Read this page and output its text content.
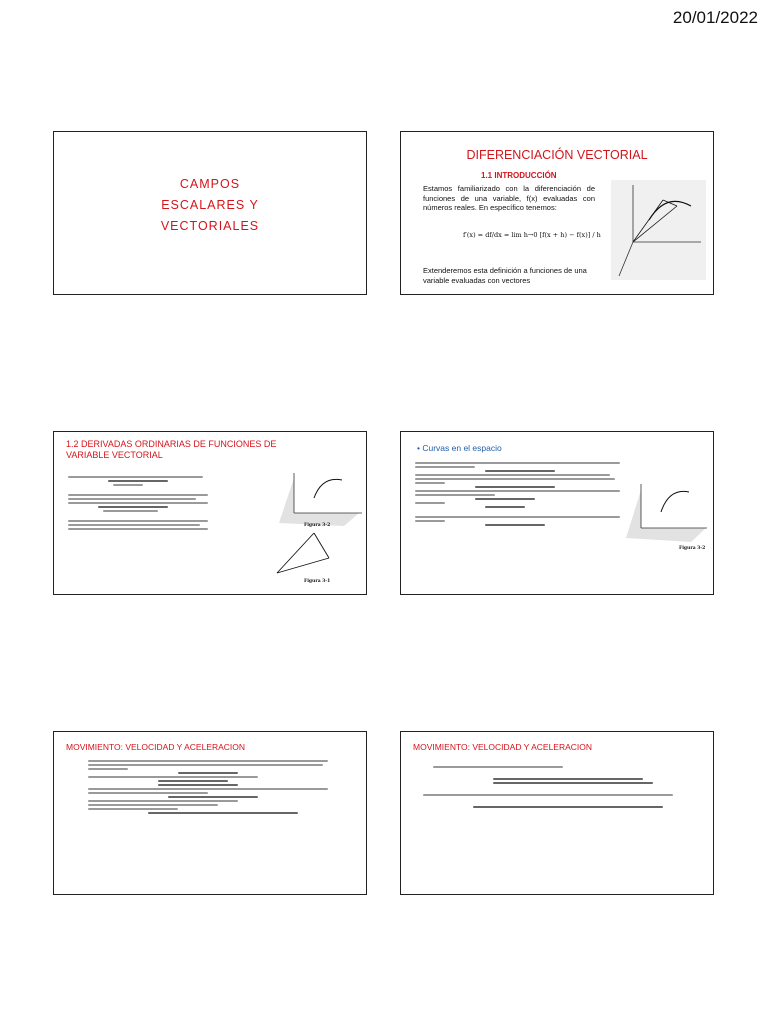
20/01/2022
CAMPOS
ESCALARES Y
VECTORIALES
DIFERENCIACIÓN VECTORIAL
1.1 INTRODUCCIÓN
Estamos familiarizado con la diferenciación de funciones de una variable, f(x) evaluadas con números reales. En específico tenemos:
f′(x) = df/dx = lim h→0 [f(x + h) − f(x)] / h
Extenderemos esta definición a funciones de una variable evaluadas con vectores
1.2 DERIVADAS ORDINARIAS DE FUNCIONES DE VARIABLE VECTORIAL
Figura 3-2
Figura 3-1
• Curvas en el espacio
Figura 3-2
MOVIMIENTO: VELOCIDAD Y ACELERACION	MOVIMIENTO: VELOCIDAD Y ACELERACION
